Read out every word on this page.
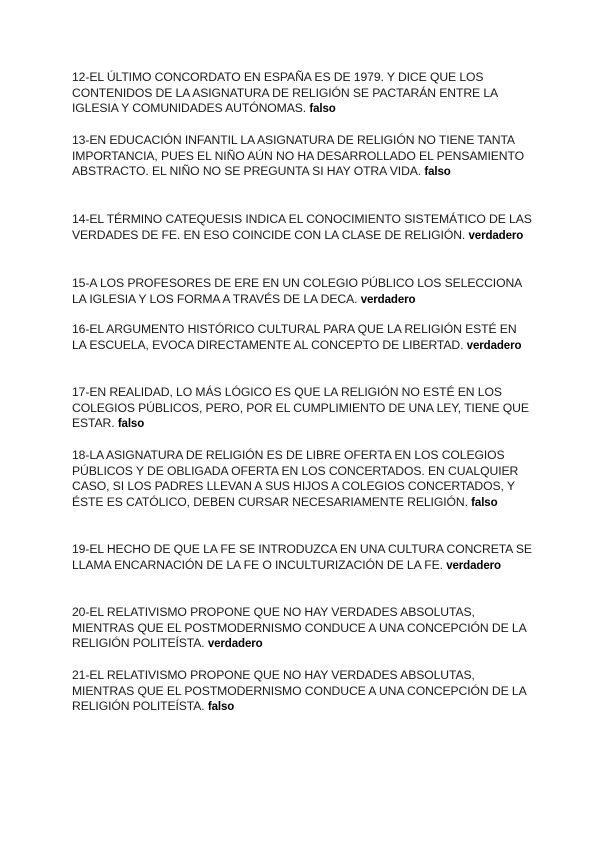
12-EL ÚLTIMO CONCORDATO EN ESPAÑA ES DE 1979. Y DICE QUE LOS CONTENIDOS DE LA ASIGNATURA DE RELIGIÓN SE PACTARÁN ENTRE LA IGLESIA Y COMUNIDADES AUTÓNOMAS. falso

13-EN EDUCACIÓN INFANTIL LA ASIGNATURA DE RELIGIÓN NO TIENE TANTA IMPORTANCIA, PUES EL NIÑO AÚN NO HA DESARROLLADO EL PENSAMIENTO ABSTRACTO. EL NIÑO NO SE PREGUNTA SI HAY OTRA VIDA. falso

14-EL TÉRMINO CATEQUESIS INDICA EL CONOCIMIENTO SISTEMÁTICO DE LAS VERDADES DE FE. EN ESO COINCIDE CON LA CLASE DE RELIGIÓN. verdadero

15-A LOS PROFESORES DE ERE EN UN COLEGIO PÚBLICO LOS SELECCIONA LA IGLESIA Y LOS FORMA A TRAVÉS DE LA DECA. verdadero

16-EL ARGUMENTO HISTÓRICO CULTURAL PARA QUE LA RELIGIÓN ESTÉ EN LA ESCUELA, EVOCA DIRECTAMENTE AL CONCEPTO DE LIBERTAD. verdadero

17-EN REALIDAD, LO MÁS LÓGICO ES QUE LA RELIGIÓN NO ESTÉ EN LOS COLEGIOS PÚBLICOS, PERO, POR EL CUMPLIMIENTO DE UNA LEY, TIENE QUE ESTAR. falso

18-LA ASIGNATURA DE RELIGIÓN ES DE LIBRE OFERTA EN LOS COLEGIOS PÚBLICOS Y DE OBLIGADA OFERTA EN LOS CONCERTADOS. EN CUALQUIER CASO, SI LOS PADRES LLEVAN A SUS HIJOS A COLEGIOS CONCERTADOS, Y ÉSTE ES CATÓLICO, DEBEN CURSAR NECESARIAMENTE RELIGIÓN. falso

19-EL HECHO DE QUE LA FE SE INTRODUZCA EN UNA CULTURA CONCRETA SE LLAMA ENCARNACIÓN DE LA FE O INCULTURIZACIÓN DE LA FE. verdadero

20-EL RELATIVISMO PROPONE QUE NO HAY VERDADES ABSOLUTAS, MIENTRAS QUE EL POSTMODERNISMO CONDUCE A UNA CONCEPCIÓN DE LA RELIGIÓN POLITEÍSTA. verdadero

21-EL RELATIVISMO PROPONE QUE NO HAY VERDADES ABSOLUTAS, MIENTRAS QUE EL POSTMODERNISMO CONDUCE A UNA CONCEPCIÓN DE LA RELIGIÓN POLITEÍSTA. falso
